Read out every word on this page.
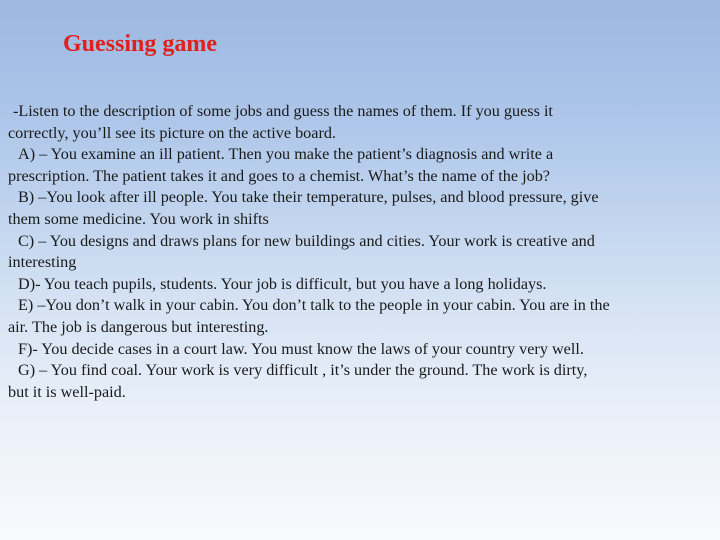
Guessing game

-Listen to the description of some jobs and guess the names of them. If you guess it

correctly, you’ll see its picture on the active board.

A) – You examine an ill patient. Then you make the patient’s diagnosis and write a

prescription. The patient takes it and goes to a chemist. What’s the name of the job?

B) –You look after ill people. You take their temperature, pulses, and blood pressure, give

them some medicine. You work in shifts

C) – You designs and draws plans for new buildings and cities. Your work is creative and

interesting

D)- You teach pupils, students. Your job is difficult, but you have a long holidays.

E) –You don’t walk in your cabin. You don’t talk to the people in your cabin. You are in the

air. The job is dangerous but interesting.

F)- You decide cases in a court law. You must know the laws of your country very well.

G) – You find coal. Your work is very difficult , it’s under the ground. The work is dirty,

but it is well-paid.
